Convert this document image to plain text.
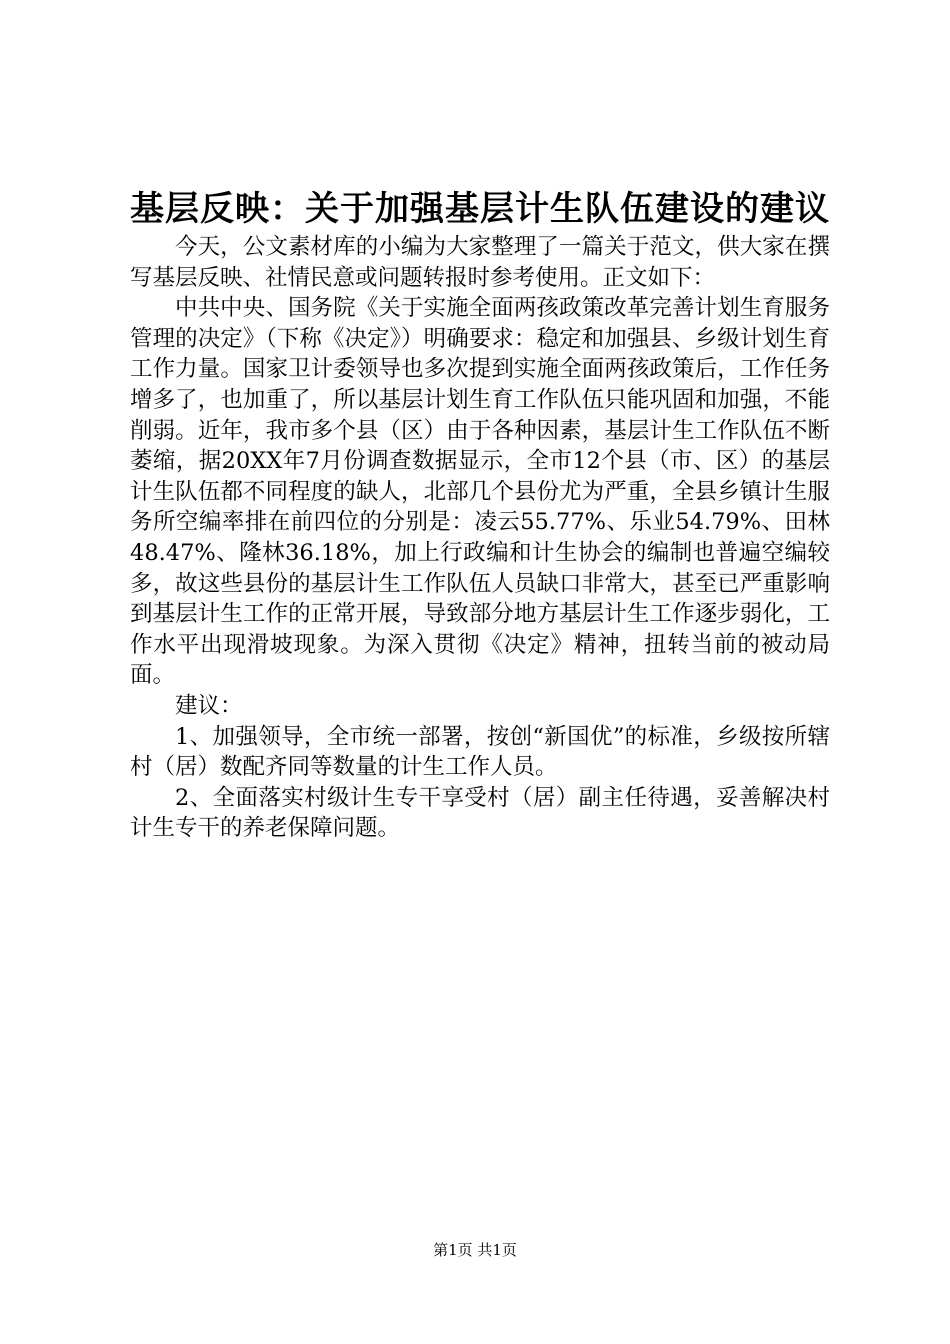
基层反映：关于加强基层计生队伍建设的建议

今天，公文素材库的小编为大家整理了一篇关于范文，供大家在撰写基层反映、社情民意或问题转报时参考使用。正文如下：

中共中央、国务院《关于实施全面两孩政策改革完善计划生育服务管理的决定》（下称《决定》）明确要求：稳定和加强县、乡级计划生育工作力量。国家卫计委领导也多次提到实施全面两孩政策后，工作任务增多了，也加重了，所以基层计划生育工作队伍只能巩固和加强，不能削弱。近年，我市多个县（区）由于各种因素，基层计生工作队伍不断萎缩，据20XX年7月份调查数据显示，全市12个县（市、区）的基层计生队伍都不同程度的缺人，北部几个县份尤为严重，全县乡镇计生服务所空编率排在前四位的分别是：凌云55.77%、乐业54.79%、田林48.47%、隆林36.18%，加上行政编和计生协会的编制也普遍空编较多，故这些县份的基层计生工作队伍人员缺口非常大，甚至已严重影响到基层计生工作的正常开展，导致部分地方基层计生工作逐步弱化，工作水平出现滑坡现象。为深入贯彻《决定》精神，扭转当前的被动局面。

建议：

1、加强领导，全市统一部署，按创“新国优”的标准，乡级按所辖村（居）数配齐同等数量的计生工作人员。

2、全面落实村级计生专干享受村（居）副主任待遇，妥善解决村计生专干的养老保障问题。

第1页 共1页
